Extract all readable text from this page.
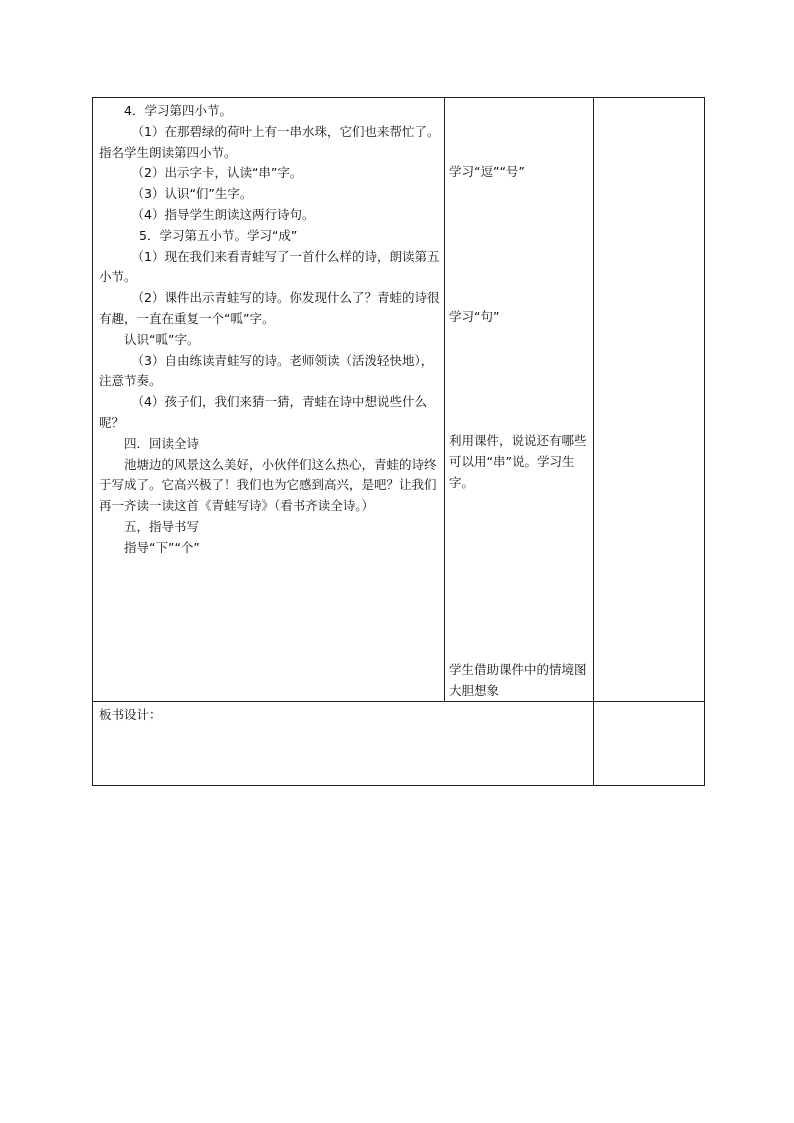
4．学习第四小节。

（1）在那碧绿的荷叶上有一串水珠，它们也来帮忙了。指名学生朗读第四小节。

（2）出示字卡，认读“串”字。

（3）认识“们”生字。

（4）指导学生朗读这两行诗句。

5．学习第五小节。学习“成”

（1）现在我们来看青蛙写了一首什么样的诗，朗读第五小节。

（2）课件出示青蛙写的诗。你发现什么了？青蛙的诗很有趣，一直在重复一个“呱”字。

认识“呱”字。

（3）自由练读青蛙写的诗。老师领读（活泼轻快地），注意节奏。

（4）孩子们，我们来猜一猜，青蛙在诗中想说些什么呢？

四．回读全诗

池塘边的风景这么美好，小伙伴们这么热心，青蛙的诗终于写成了。它高兴极了！我们也为它感到高兴，是吧？让我们再一齐读一读这首《青蛙写诗》（看书齐读全诗。）

五，指导书写

指导“下”“个”

学习“逗”“号”

学习“句”

利用课件，说说还有哪些可以用“串”说。学习生字。

学生借助课件中的情境图大胆想象

板书设计：
